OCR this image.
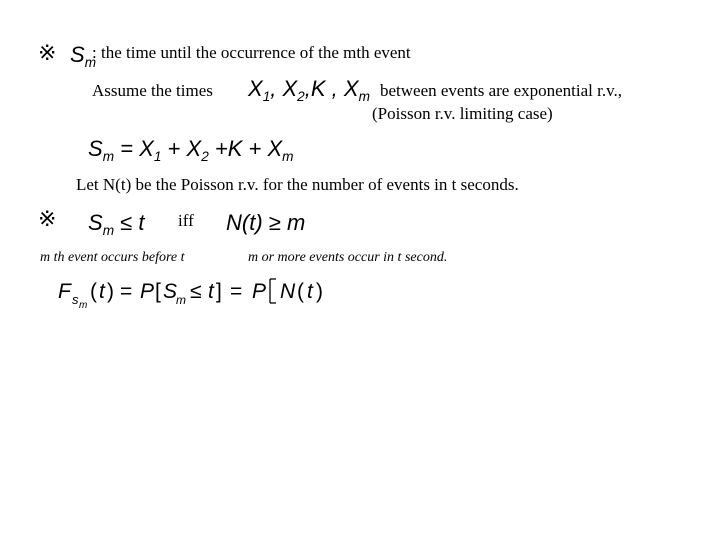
※ $S_m$
: the time until the occurrence of the mth event
Assume the times $X_1$, $X_2,K$ , $X_m$ between events are exponential r.v.,
(Poisson r.v. limiting case)
$S_m = X_1 + X_2 +K + X_m$
Let N(t) be the Poisson r.v. for the number of events in t seconds.
※ $S_m \le t$ iff N(t) ≥ m
m th event occurs before t	m or more events occur in t second.
F s m
( t ) = P [ S
m ≤ t ] = P N ( t )
